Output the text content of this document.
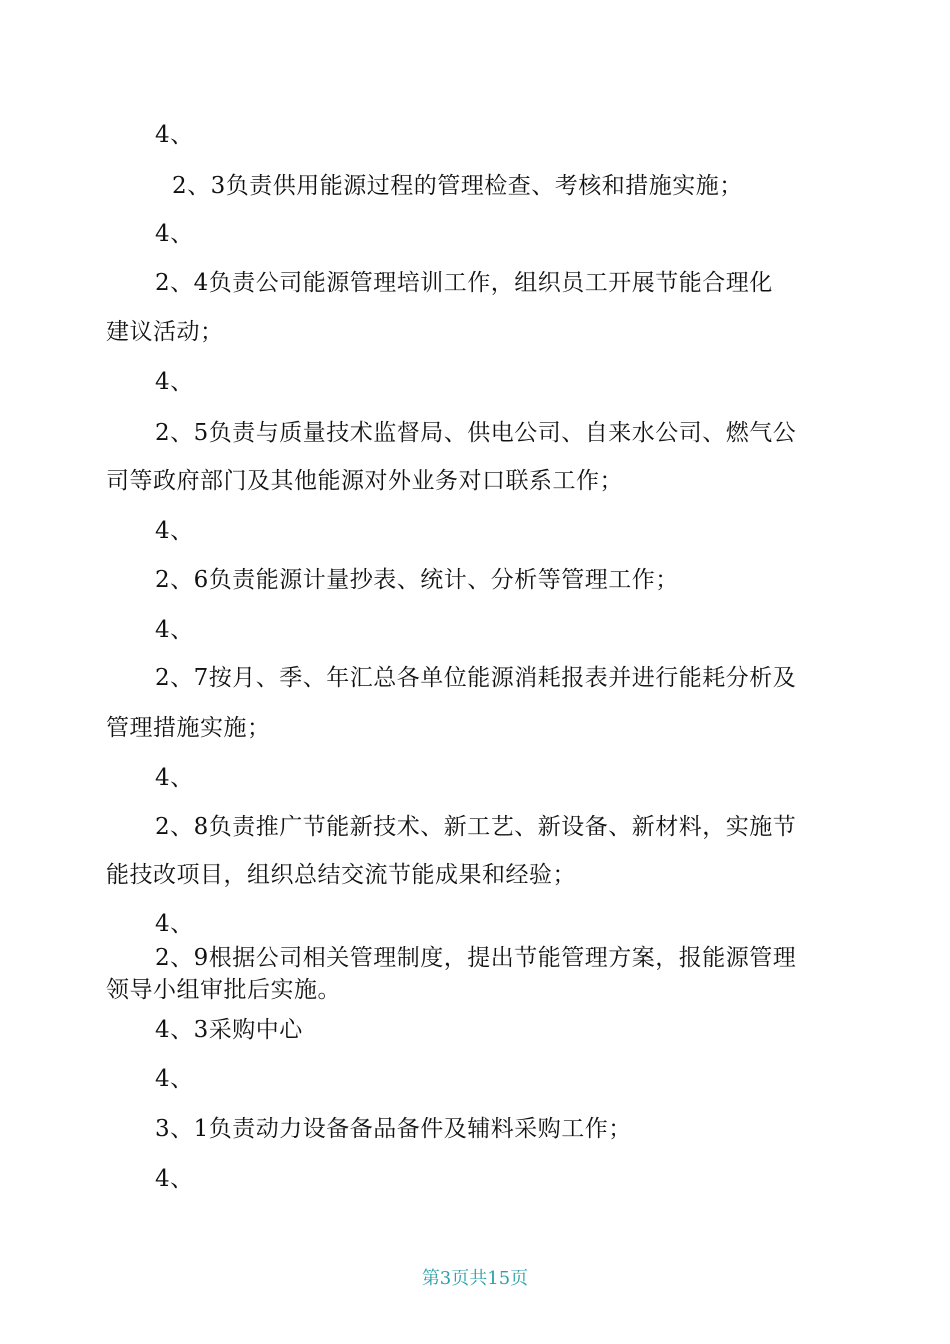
4、
2、3负责供用能源过程的管理检查、考核和措施实施；
4、
2、4负责公司能源管理培训工作，组织员工开展节能合理化
建议活动；
4、
2、5负责与质量技术监督局、供电公司、自来水公司、燃气公
司等政府部门及其他能源对外业务对口联系工作；
4、
2、6负责能源计量抄表、统计、分析等管理工作；
4、
2、7按月、季、年汇总各单位能源消耗报表并进行能耗分析及
管理措施实施；
4、
2、8负责推广节能新技术、新工艺、新设备、新材料，实施节
能技改项目，组织总结交流节能成果和经验；
4、
2、9根据公司相关管理制度，提出节能管理方案，报能源管理
领导小组审批后实施。
4、3采购中心
4、
3、1负责动力设备备品备件及辅料采购工作；
4、
第3页共15页
